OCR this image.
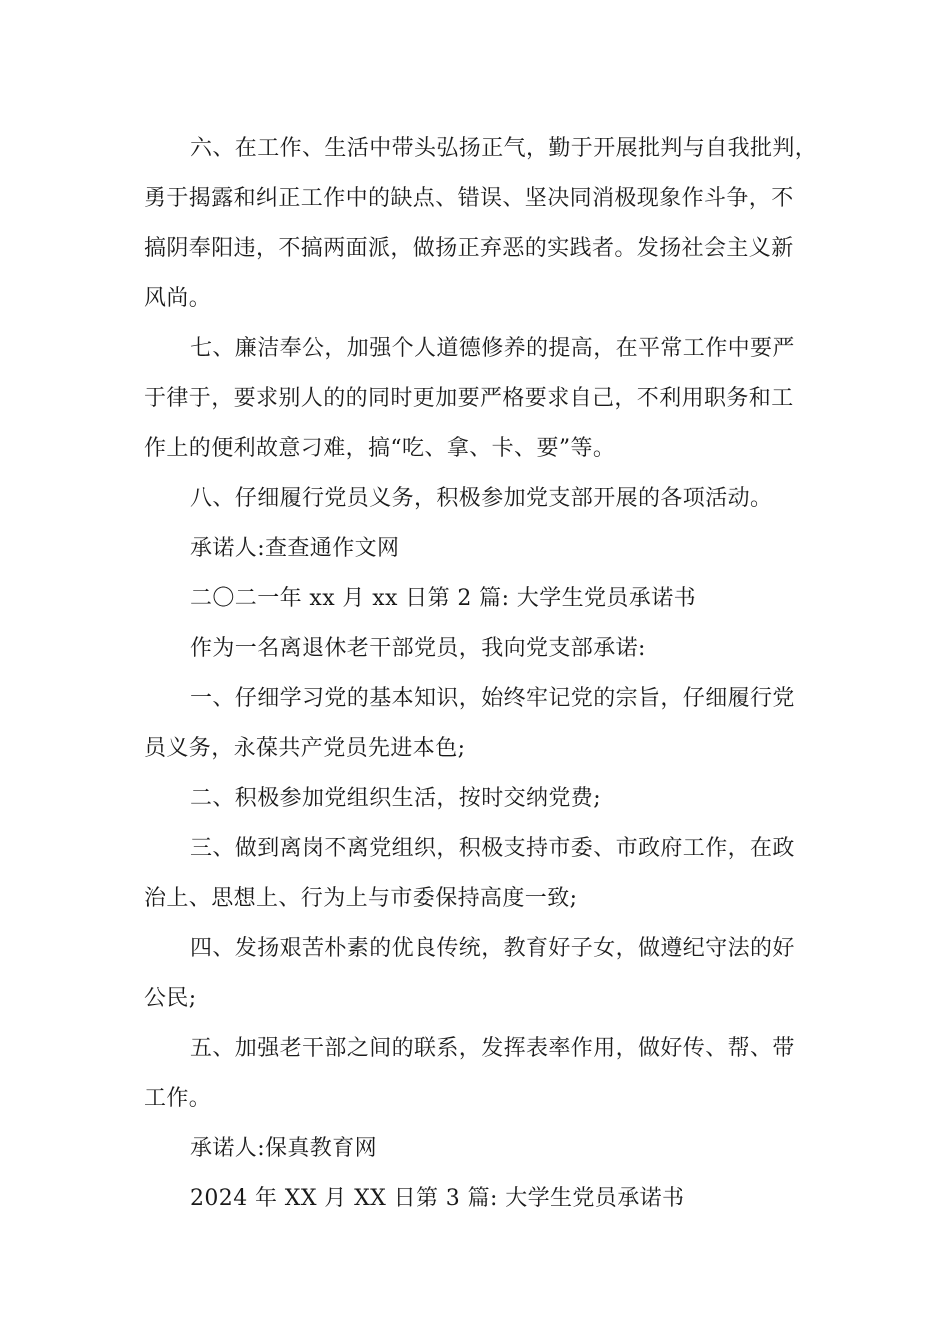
六、在工作、生活中带头弘扬正气，勤于开展批判与自我批判，
勇于揭露和纠正工作中的缺点、错误、坚决同消极现象作斗争，不
搞阴奉阳违，不搞两面派，做扬正弃恶的实践者。发扬社会主义新
风尚。
七、廉洁奉公，加强个人道德修养的提高，在平常工作中要严
于律于，要求别人的的同时更加要严格要求自己，不利用职务和工
作上的便利故意刁难，搞“吃、拿、卡、要”等。
八、仔细履行党员义务，积极参加党支部开展的各项活动。
承诺人:查查通作文网
二〇二一年 xx 月 xx 日第 2 篇: 大学生党员承诺书
作为一名离退休老干部党员，我向党支部承诺:
一、仔细学习党的基本知识，始终牢记党的宗旨，仔细履行党
员义务，永葆共产党员先进本色;
二、积极参加党组织生活，按时交纳党费;
三、做到离岗不离党组织，积极支持市委、市政府工作，在政
治上、思想上、行为上与市委保持高度一致;
四、发扬艰苦朴素的优良传统，教育好子女，做遵纪守法的好
公民;
五、加强老干部之间的联系，发挥表率作用，做好传、帮、带
工作。
承诺人:保真教育网
2024 年 XX 月 XX 日第 3 篇: 大学生党员承诺书
